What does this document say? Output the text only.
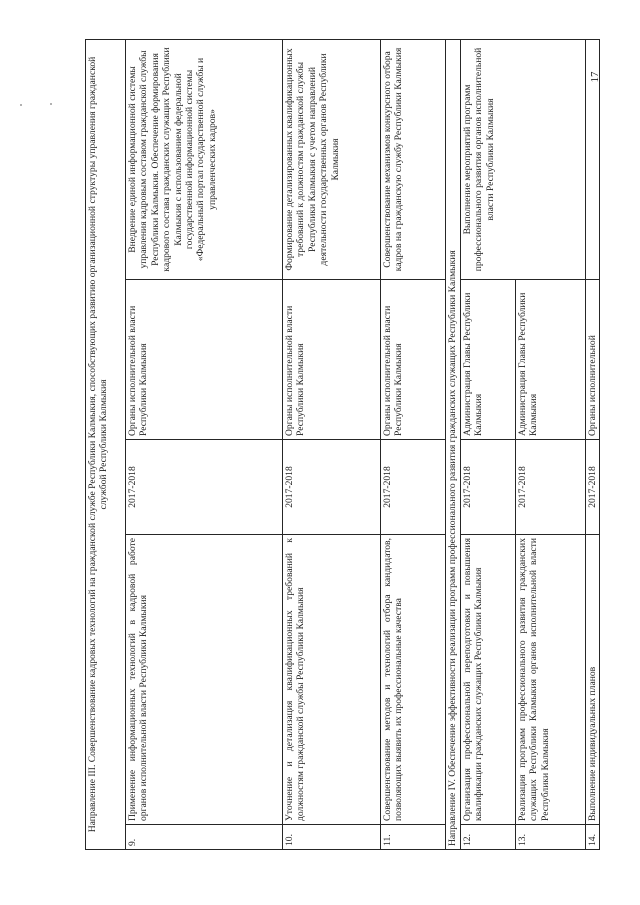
Направление III. Совершенствование кадровых технологий на гражданской службе Республики Калмыкия, способствующих развитию организационной структуры управления гражданской службой Республики Калмыкия				
9.	Применение информационных технологий в кадровой работе органов исполнительной власти Республики Калмыкия	2017-2018	Органы исполнительной власти Республики Калмыкия	Внедрение единой информационной системы управления кадровым составом гражданской службы Республики Калмыкия. Обеспечение формирования кадрового состава гражданских служащих Республики Калмыкия с использованием федеральной государственной информационной системы «Федеральный портал государственной службы и управленческих кадров»
10.	Уточнение и детализация квалификационных требований к должностям гражданской службы Республики Калмыкия	2017-2018	Органы исполнительной власти Республики Калмыкия	Формирование детализированных квалификационных требований к должностям гражданской службы Республики Калмыкия с учетом направлений деятельности государственных органов Республики Калмыкия
11.	Совершенствование методов и технологий отбора кандидатов, позволяющих выявить их профессиональные качества	2017-2018	Органы исполнительной власти Республики Калмыкия	Совершенствование механизмов конкурсного отбора кадров на гражданскую службу Республики Калмыкия
Направление IV. Обеспечение эффективности реализации программ профессионального развития гражданских служащих Республики Калмыкия				
12.	Организация профессиональной переподготовки и повышения квалификации гражданских служащих Республики Калмыкия	2017-2018	Администрация Главы Республики Калмыкия	Выполнение мероприятий программ профессионального развития органов исполнительной власти Республики Калмыкия
13.	Реализация программ профессионального развития гражданских служащих Республики Калмыкия органов исполнительной власти Республики Калмыкия	2017-2018	Администрация Главы Республики Калмыкия	
14.	Выполнение индивидуальных планов	2017-2018	Органы исполнительной	
17
